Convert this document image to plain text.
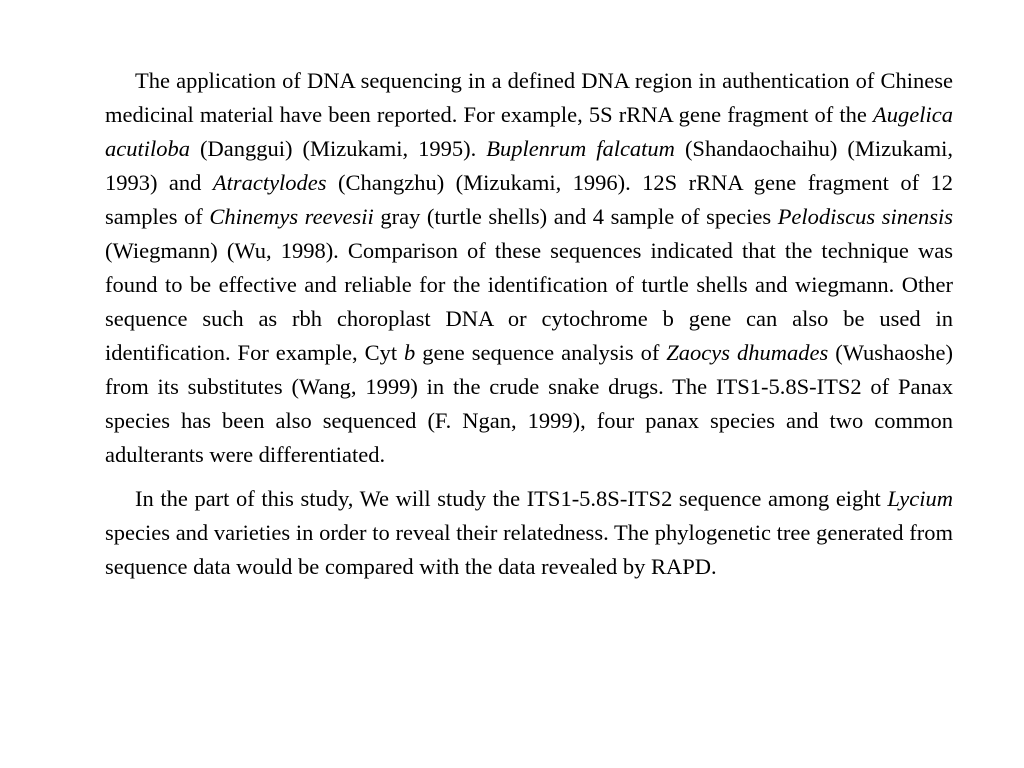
The application of DNA sequencing in a defined DNA region in authentication of Chinese medicinal material have been reported. For example, 5S rRNA gene fragment of the Augelica acutiloba (Danggui) (Mizukami, 1995). Buplenrum falcatum (Shandaochaihu) (Mizukami, 1993) and Atractylodes (Changzhu) (Mizukami, 1996). 12S rRNA gene fragment of 12 samples of Chinemys reevesii gray (turtle shells) and 4 sample of species Pelodiscus sinensis (Wiegmann) (Wu, 1998). Comparison of these sequences indicated that the technique was found to be effective and reliable for the identification of turtle shells and wiegmann. Other sequence such as rbh choroplast DNA or cytochrome b gene can also be used in identification. For example, Cyt b gene sequence analysis of Zaocys dhumades (Wushaoshe) from its substitutes (Wang, 1999) in the crude snake drugs. The ITS1-5.8S-ITS2 of Panax species has been also sequenced (F. Ngan, 1999), four panax species and two common adulterants were differentiated.

In the part of this study, We will study the ITS1-5.8S-ITS2 sequence among eight Lycium species and varieties in order to reveal their relatedness. The phylogenetic tree generated from sequence data would be compared with the data revealed by RAPD.
